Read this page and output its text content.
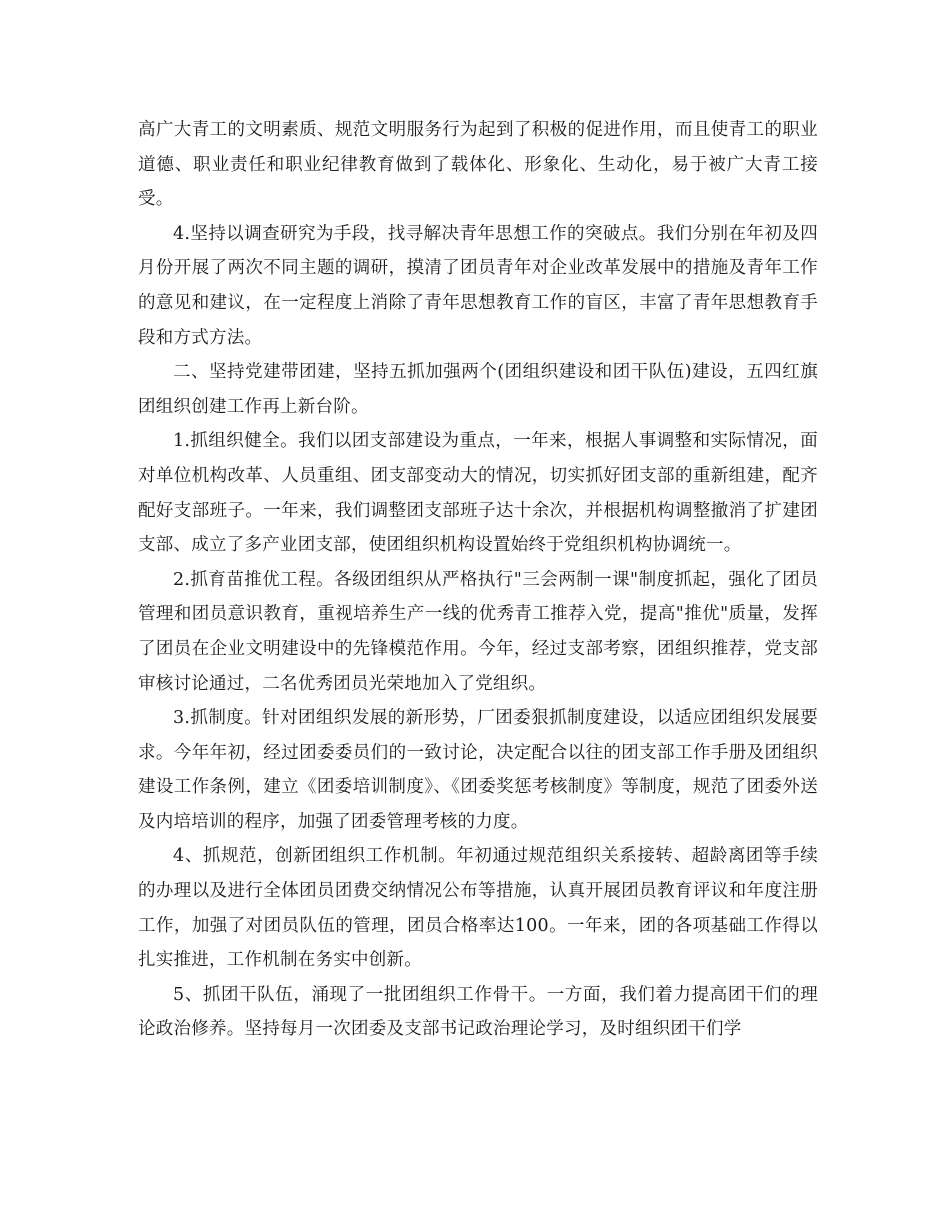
高广大青工的文明素质、规范文明服务行为起到了积极的促进作用，而且使青工的职业道德、职业责任和职业纪律教育做到了载体化、形象化、生动化，易于被广大青工接受。

4.坚持以调查研究为手段，找寻解决青年思想工作的突破点。我们分别在年初及四月份开展了两次不同主题的调研，摸清了团员青年对企业改革发展中的措施及青年工作的意见和建议，在一定程度上消除了青年思想教育工作的盲区，丰富了青年思想教育手段和方式方法。

二、坚持党建带团建，坚持五抓加强两个(团组织建设和团干队伍)建设，五四红旗团组织创建工作再上新台阶。

1.抓组织健全。我们以团支部建设为重点，一年来，根据人事调整和实际情况，面对单位机构改革、人员重组、团支部变动大的情况，切实抓好团支部的重新组建，配齐配好支部班子。一年来，我们调整团支部班子达十余次，并根据机构调整撤消了扩建团支部、成立了多产业团支部，使团组织机构设置始终于党组织机构协调统一。

2.抓育苗推优工程。各级团组织从严格执行"三会两制一课"制度抓起，强化了团员管理和团员意识教育，重视培养生产一线的优秀青工推荐入党，提高"推优"质量，发挥了团员在企业文明建设中的先锋模范作用。今年，经过支部考察，团组织推荐，党支部审核讨论通过，二名优秀团员光荣地加入了党组织。

3.抓制度。针对团组织发展的新形势，厂团委狠抓制度建设，以适应团组织发展要求。今年年初，经过团委委员们的一致讨论，决定配合以往的团支部工作手册及团组织建设工作条例，建立《团委培训制度》、《团委奖惩考核制度》等制度，规范了团委外送及内培培训的程序，加强了团委管理考核的力度。

4、抓规范，创新团组织工作机制。年初通过规范组织关系接转、超龄离团等手续的办理以及进行全体团员团费交纳情况公布等措施，认真开展团员教育评议和年度注册工作，加强了对团员队伍的管理，团员合格率达100。一年来，团的各项基础工作得以扎实推进，工作机制在务实中创新。

5、抓团干队伍，涌现了一批团组织工作骨干。一方面，我们着力提高团干们的理论政治修养。坚持每月一次团委及支部书记政治理论学习，及时组织团干们学
